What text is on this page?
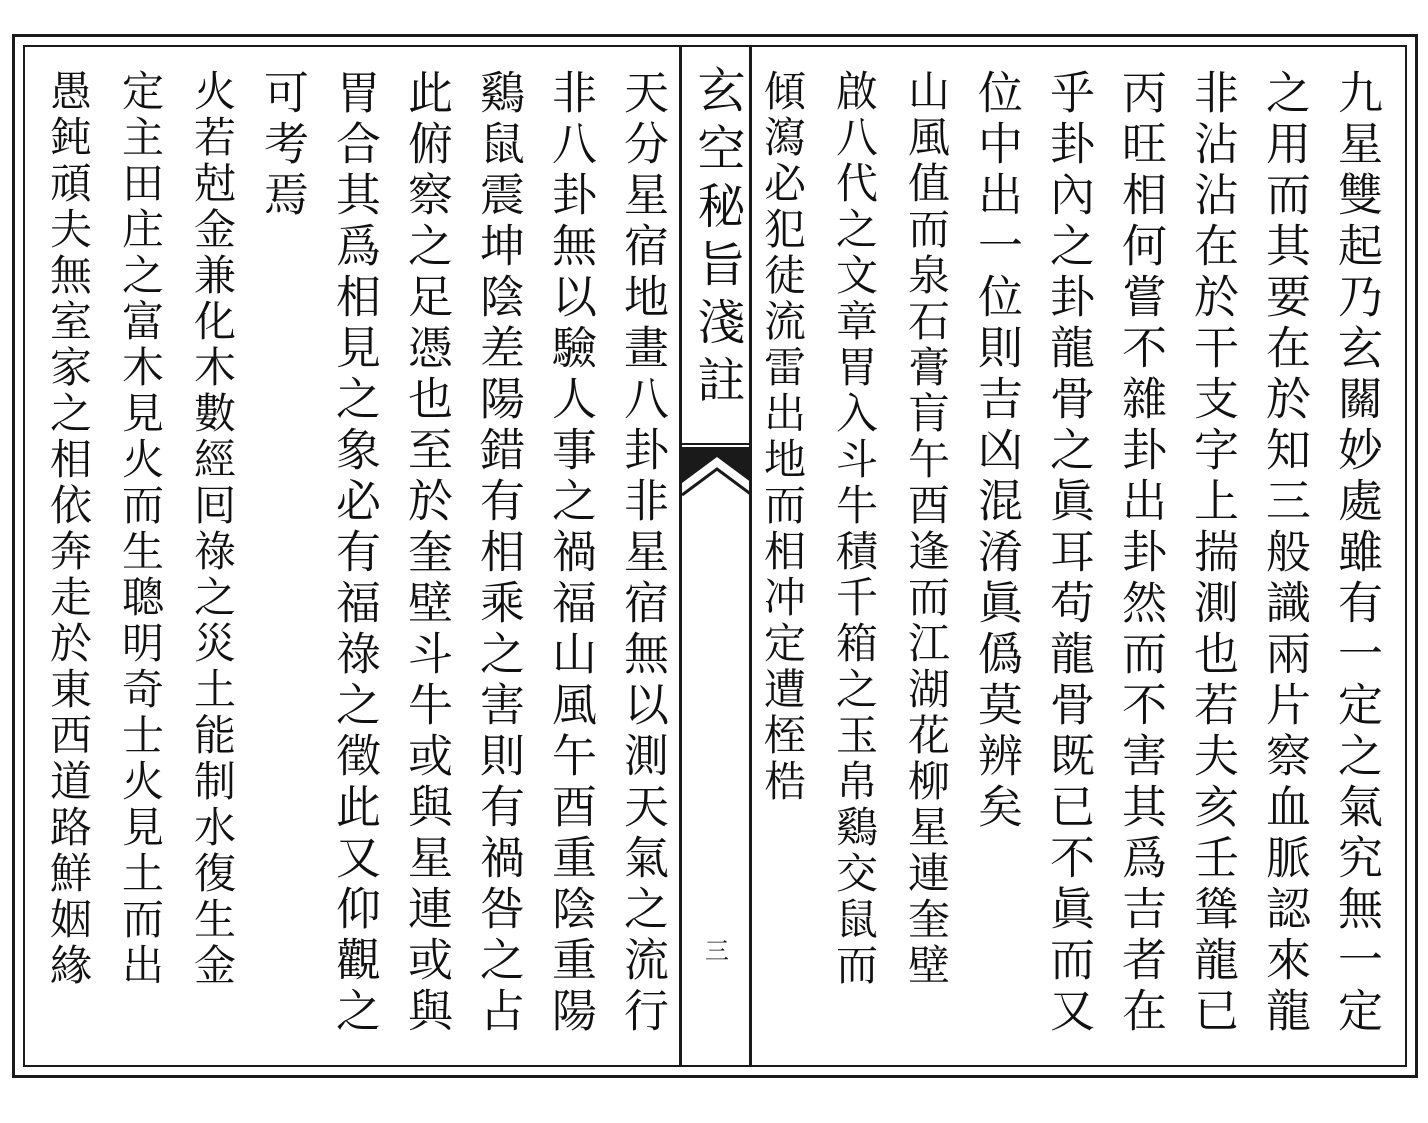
九星雙起乃玄關妙處雖有一定之氣究無一定
之用而其要在於知三般識兩片察血脈認來龍
非沾沾在於干支字上揣測也若夫亥壬聳龍已
丙旺相何嘗不雜卦出卦然而不害其爲吉者在
乎卦內之卦龍骨之眞耳苟龍骨既已不眞而又
位中出一位則吉凶混淆眞僞莫辨矣
山風值而泉石膏肓午酉逢而江湖花柳星連奎壁
啟八代之文章胃入斗牛積千箱之玉帛鷄交鼠而
傾瀉必犯徒流雷出地而相冲定遭桎梏
玄空秘旨淺註
三
天分星宿地畫八卦非星宿無以測天氣之流行
非八卦無以驗人事之禍福山風午酉重陰重陽
鷄鼠震坤陰差陽錯有相乘之害則有禍咎之占
此俯察之足憑也至於奎壁斗牛或與星連或與
胃合其爲相見之象必有福祿之徵此又仰觀之
可考焉
火若尅金兼化木數經囘祿之災土能制水復生金
定主田庄之富木見火而生聰明奇士火見土而出
愚鈍頑夫無室家之相依奔走於東西道路鮮姻緣
